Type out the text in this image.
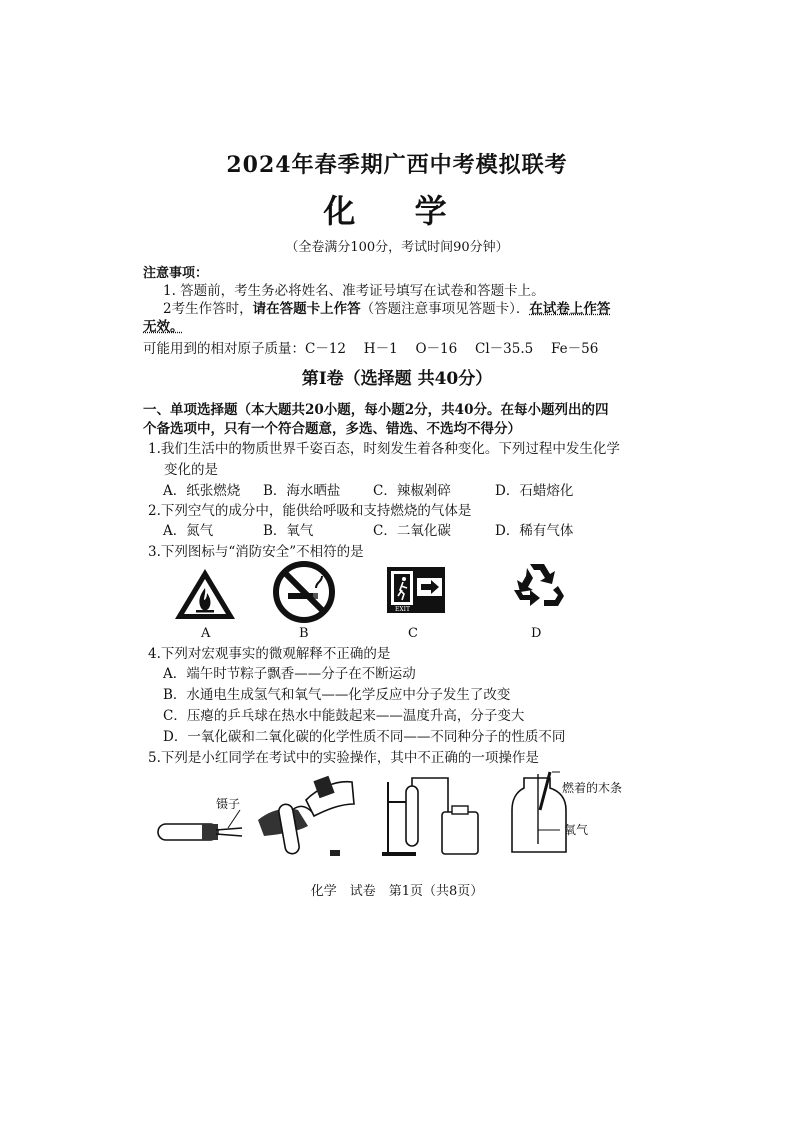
2024年春季期广西中考模拟联考
化 学
（全卷满分100分，考试时间90分钟）
注意事项：
1. 答题前，考生务必将姓名、准考证号填写在试卷和答题卡上。
2考生作答时，请在答题卡上作答（答题注意事项见答题卡）．在试卷上作答
无效。
可能用到的相对原子质量：C－12　 H－1　 O－16　 Cl－35.5　 Fe－56
第Ⅰ卷（选择题 共40分）
一、单项选择题（本大题共20小题，每小题2分，共40分。在每小题列出的四
个备选项中，只有一个符合题意，多选、错选、不选均不得分）
1.我们生活中的物质世界千姿百态，时刻发生着各种变化。下列过程中发生化学
变化的是
A．纸张燃烧 B．海水晒盐 C．辣椒剁碎	D．石蜡熔化
2.下列空气的成分中，能供给呼吸和支持燃烧的气体是
A．氮气	B．氧气	C．二氧化碳	D．稀有气体
3.下列图标与“消防安全”不相符的是
A	B
EXIT
C	D
4.下列对宏观事实的微观解释不正确的是
A．端午时节粽子飘香——分子在不断运动
B．水通电生成氢气和氧气——化学反应中分子发生了改变
C．压瘪的乒乓球在热水中能鼓起来——温度升高，分子变大
D．一氧化碳和二氧化碳的化学性质不同——不同种分子的性质不同
5.下列是小红同学在考试中的实验操作，其中不正确的一项操作是
镊子
燃着的木条
氧气
化学　试卷　第1页（共8页）
